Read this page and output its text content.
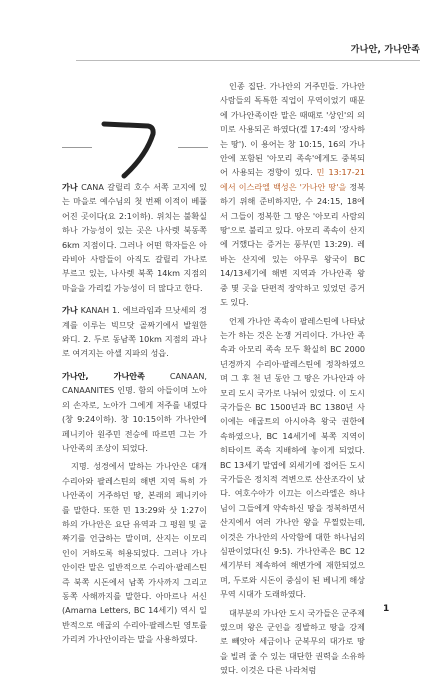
가나안, 가나안족

가나 CANA 갈릴리 호수 서쪽 고지에 있는 마을로 예수님의 첫 번째 이적이 베풀어진 곳이다(요 2:1이하). 위치는 불확실하나 가능성이 있는 곳은 나사렛 북동쪽 6km 지점이다. 그러나 어떤 학자들은 아라비아 사람들이 아직도 갈릴리 가나로 부르고 있는, 나사렛 북쪽 14km 지점의 마을을 가리킬 가능성이 더 많다고 한다.

가나 KANAH 1. 에브라임과 므낫세의 경계를 이루는 빅므닷 골짜기에서 발원한 와디. 2. 두로 동남쪽 10km 지점의 과나로 여겨지는 아셀 지파의 성읍.

가나안, 가나안족	CANAAN, CANAANITES 인명. 함의 아들이며 노아의 손자로, 노아가 그에게 저주를 내렸다(창 9:24이하). 창 10:15이하 가나안에 페니키아 원주민 전승에 따르면 그는 가나안족의 조상이 되었다.

지명. 성경에서 말하는 가나안은 대개 수리아와 팔레스틴의 해변 지역 특히 가나안족이 거주하던 땅, 본래의 페니키아를 말한다. 또한 민 13:29와 삿 1:27이하의 가나안은 요단 유역과 그 평원 및 골짜기를 언급하는 말이며, 산지는 이모리인이 거하도록 허용되었다. 그러나 가나안이란 말은 일반적으로 수리아·팔레스틴 즉 북쪽 시돈에서 남쪽 가사까지 그리고 동쪽 사해까지를 말한다. 아마르나 서신(Amarna Letters, BC 14세기) 역시 일반적으로 애굽의 수리아·팔레스틴 영토를 가리켜 가나안이라는 말을 사용하였다.

인종 집단. 가나안의 거주민들. 가나안 사람들의 독특한 직업이 무역이었기 때문에 가나안족이란 말은 때때로 '상인'의 의미로 사용되곤 하였다(겔 17:4의 '장사하는 땅'). 이 용어는 창 10:15, 16의 가나안에 포함된 '아모리 족속'에게도 중복되어 사용되는 경향이 있다. 민 13:17-21에서 이스라엘 백성은 '가나안 땅'을 정복하기 위해 준비하지만, 수 24:15, 18에서 그들이 정복한 그 땅은 '아모리 사람의 땅'으로 불리고 있다. 아모리 족속이 산지에 거했다는 증거는 풍부(민 13:29). 레바논 산지에 있는 아무루 왕국이 BC 14/13세기에 해변 지역과 가나안족 왕 중 몇 곳을 단편적 장악하고 있었던 증거도 있다.

언제 가나안 족속이 팔레스틴에 나타났는가 하는 것은 논쟁 거리이다. 가나안 족속과 아모리 족속 모두 확실히 BC 2000년경까지 수리아·팔레스틴에 정착하였으며 그 후 천 년 동안 그 땅은 가나안과 아모리 도시 국가로 나뉘어 있었다. 이 도시 국가들은 BC 1500년과 BC 1380년 사이에는 애굽트의 아시아측 왕국 권한에 속하였으나, BC 14세기에 북쪽 지역이 히타이트 족속 지배하에 놓이게 되었다. BC 13세기 말엽에 외세기에 접어든 도시 국가들은 정치적 격변으로 산산조각이 났다. 여호수아가 이끄는 이스라엘은 하나님이 그들에게 약속하신 땅을 정복하면서 산지에서 여러 가나안 왕을 무찔렀는데, 이것은 가나안의 사악함에 대한 하나님의 심판이었다(신 9:5). 가나안족은 BC 12세기부터 제속하여 해변가에 재한되었으며, 두로와 시돈이 중심이 된 베니게 해상 무역 시대가 도래하였다.

대부분의 가나안 도시 국가들은 군주제였으며 왕은 군인을 징발하고 땅을 강제로 빼앗아 세금이나 군복무의 대가로 땅을 빌려 줄 수 있는 대단한 권력을 소유하였다. 이것은 다른 나라처럼

1
